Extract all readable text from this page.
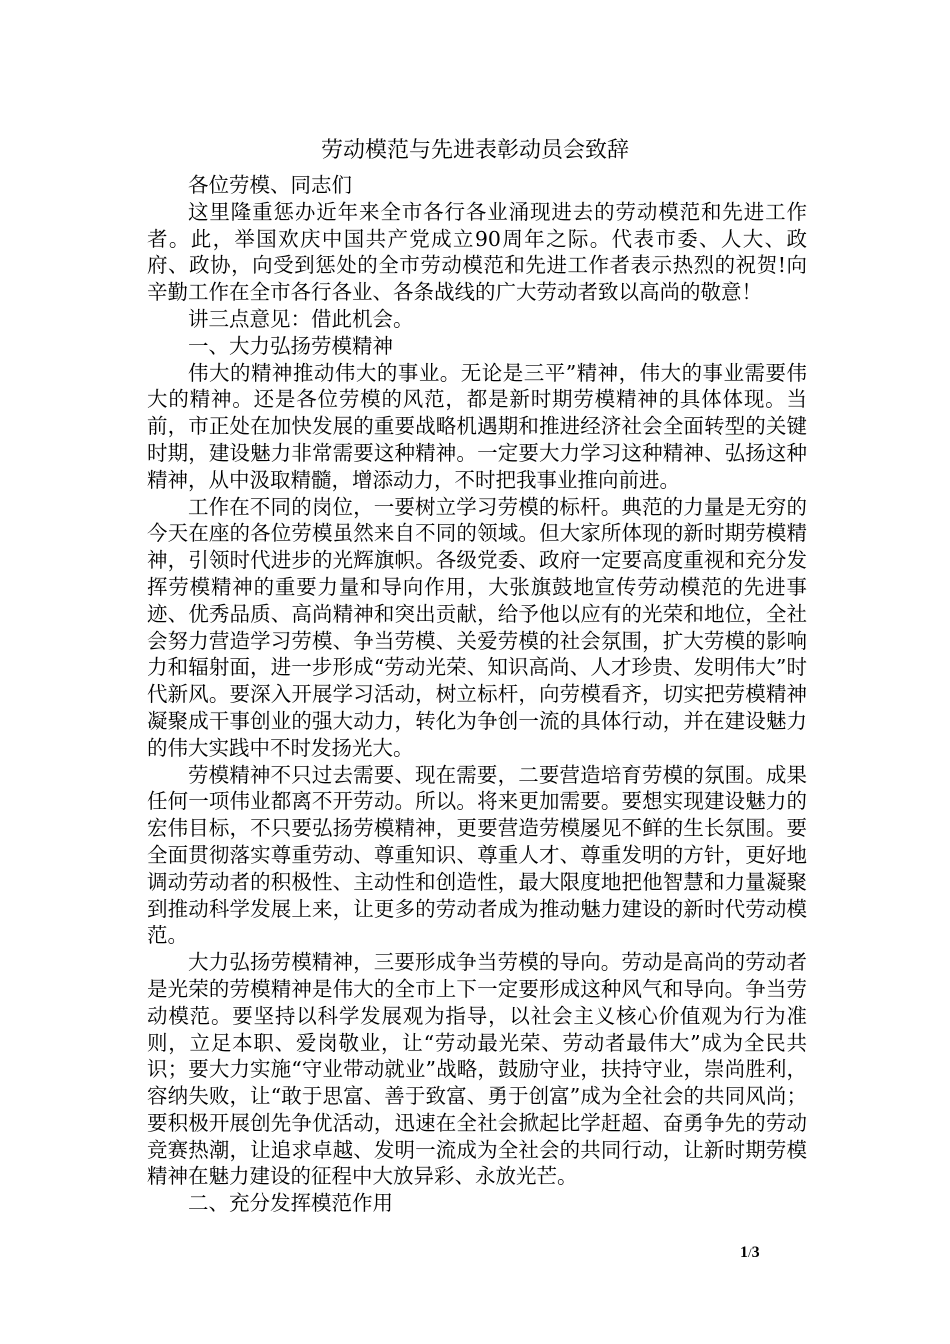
劳动模范与先进表彰动员会致辞

各位劳模、同志们

这里隆重惩办近年来全市各行各业涌现进去的劳动模范和先进工作者。此，举国欢庆中国共产党成立90周年之际。代表市委、人大、政府、政协，向受到惩处的全市劳动模范和先进工作者表示热烈的祝贺!向辛勤工作在全市各行各业、各条战线的广大劳动者致以高尚的敬意！

讲三点意见：借此机会。

一、大力弘扬劳模精神

伟大的精神推动伟大的事业。无论是三平”精神，伟大的事业需要伟大的精神。还是各位劳模的风范，都是新时期劳模精神的具体体现。当前，市正处在加快发展的重要战略机遇期和推进经济社会全面转型的关键时期，建设魅力非常需要这种精神。一定要大力学习这种精神、弘扬这种精神，从中汲取精髓，增添动力，不时把我事业推向前进。

工作在不同的岗位，一要树立学习劳模的标杆。典范的力量是无穷的今天在座的各位劳模虽然来自不同的领域。但大家所体现的新时期劳模精神，引领时代进步的光辉旗帜。各级党委、政府一定要高度重视和充分发挥劳模精神的重要力量和导向作用，大张旗鼓地宣传劳动模范的先进事迹、优秀品质、高尚精神和突出贡献，给予他以应有的光荣和地位，全社会努力营造学习劳模、争当劳模、关爱劳模的社会氛围，扩大劳模的影响力和辐射面，进一步形成“劳动光荣、知识高尚、人才珍贵、发明伟大”时代新风。要深入开展学习活动，树立标杆，向劳模看齐，切实把劳模精神凝聚成干事创业的强大动力，转化为争创一流的具体行动，并在建设魅力的伟大实践中不时发扬光大。

劳模精神不只过去需要、现在需要，二要营造培育劳模的氛围。成果任何一项伟业都离不开劳动。所以。将来更加需要。要想实现建设魅力的宏伟目标，不只要弘扬劳模精神，更要营造劳模屡见不鲜的生长氛围。要全面贯彻落实尊重劳动、尊重知识、尊重人才、尊重发明的方针，更好地调动劳动者的积极性、主动性和创造性，最大限度地把他智慧和力量凝聚到推动科学发展上来，让更多的劳动者成为推动魅力建设的新时代劳动模范。

大力弘扬劳模精神，三要形成争当劳模的导向。劳动是高尚的劳动者是光荣的劳模精神是伟大的全市上下一定要形成这种风气和导向。争当劳动模范。要坚持以科学发展观为指导，以社会主义核心价值观为行为准则，立足本职、爱岗敬业，让“劳动最光荣、劳动者最伟大”成为全民共识；要大力实施“守业带动就业”战略，鼓励守业，扶持守业，崇尚胜利，容纳失败，让“敢于思富、善于致富、勇于创富”成为全社会的共同风尚；要积极开展创先争优活动，迅速在全社会掀起比学赶超、奋勇争先的劳动竞赛热潮，让追求卓越、发明一流成为全社会的共同行动，让新时期劳模精神在魅力建设的征程中大放异彩、永放光芒。

二、充分发挥模范作用

1/3
